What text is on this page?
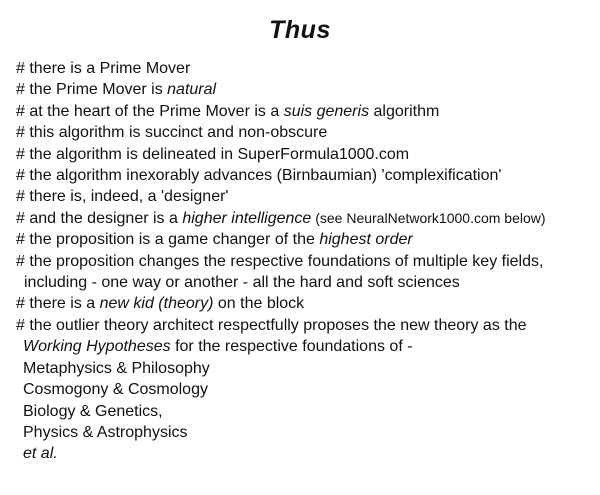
Thus
# there is a Prime Mover
# the Prime Mover is natural
# at the heart of the Prime Mover is a suis generis algorithm
# this algorithm is succinct and non-obscure
# the algorithm is delineated in SuperFormula1000.com
# the algorithm inexorably advances (Birnbaumian) 'complexification'
# there is, indeed, a 'designer'
# and the designer is a higher intelligence (see NeuralNetwork1000.com below)
# the proposition is a game changer of the highest order
# the proposition changes the respective foundations of multiple key fields,
including - one way or another - all the hard and soft sciences
# there is a new kid (theory) on the block
# the outlier theory architect respectfully proposes the new theory as the
Working Hypotheses for the respective foundations of -
Metaphysics & Philosophy
Cosmogony & Cosmology
Biology & Genetics,
Physics & Astrophysics
et al.
